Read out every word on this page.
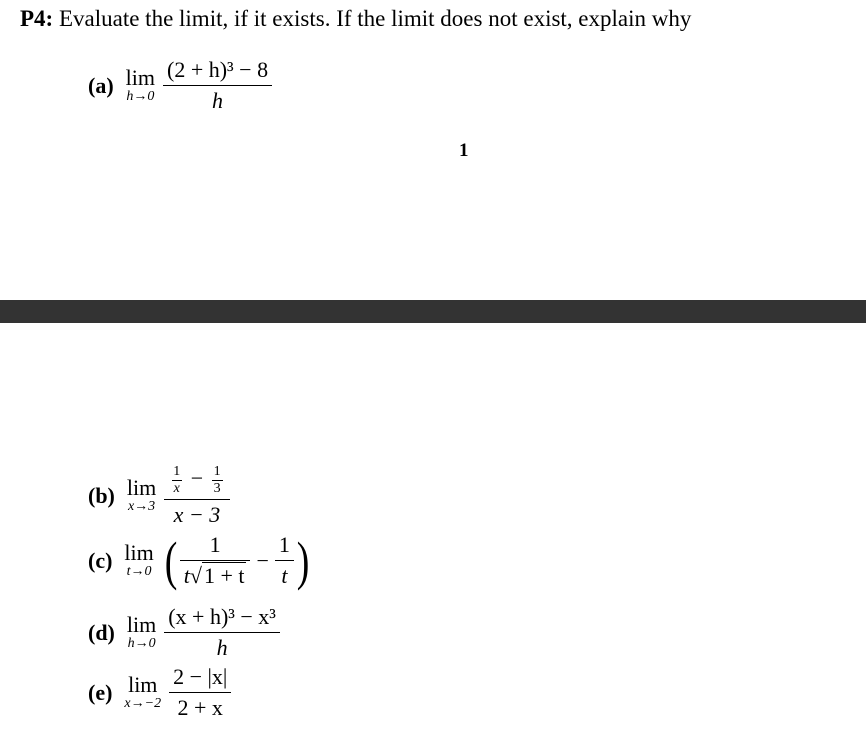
P4: Evaluate the limit, if it exists. If the limit does not exist, explain why
(a) lim
$h\to 0 \frac{\text{(2 + h)³ − 8}}{h}$
1
(b) lim
x→3
$\frac{1}{x} - \frac{1}{3}$
x − 3
(c) lim
t→0 ( $\frac{1}{t√1 + t} - \frac{1}{t}$ )
(d) lim
$h\to 0 \frac{\text{(x + h)³ − x³}}{h}$
(e) lim
$x\to-2 \frac{2 - |x|}{2 + x}$
